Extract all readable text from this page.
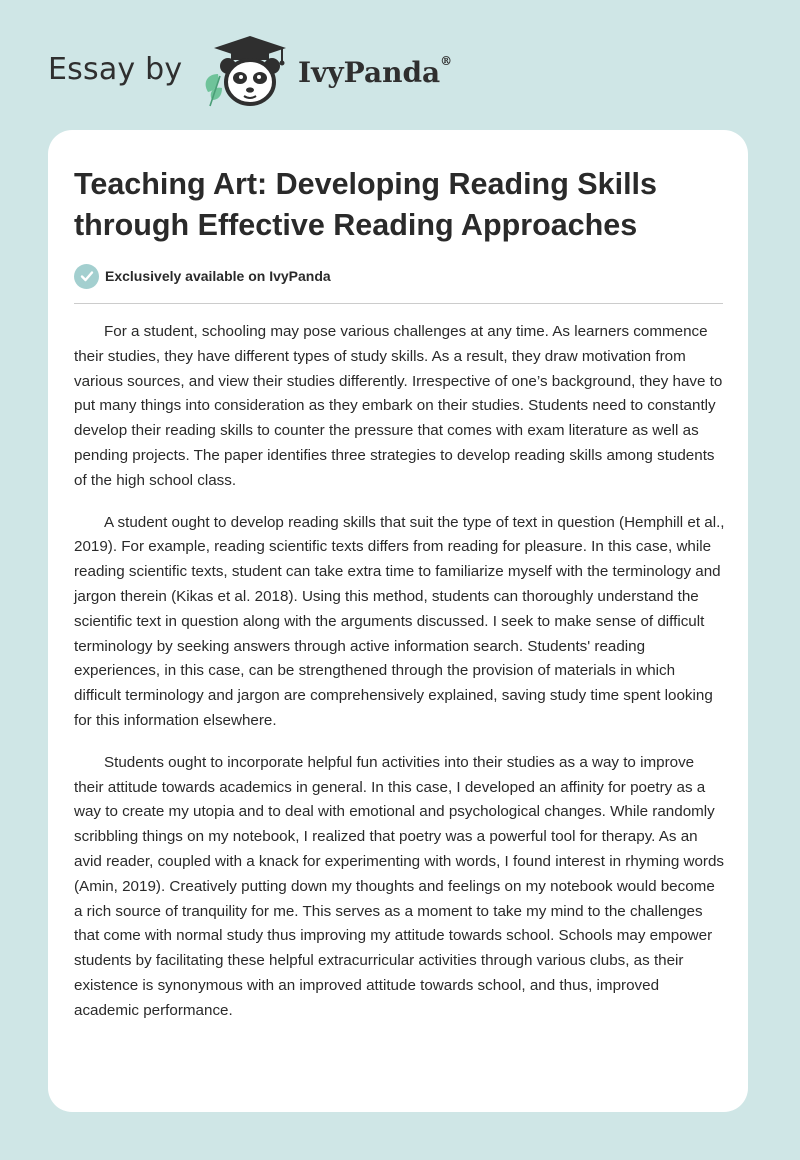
Essay by	IvyPanda®
Teaching Art: Developing Reading Skills through Effective Reading Approaches
Exclusively available on IvyPanda

For a student, schooling may pose various challenges at any time. As learners commence their studies, they have different types of study skills. As a result, they draw motivation from various sources, and view their studies differently. Irrespective of one’s background, they have to put many things into consideration as they embark on their studies. Students need to constantly develop their reading skills to counter the pressure that comes with exam literature as well as pending projects. The paper identifies three strategies to develop reading skills among students of the high school class.

A student ought to develop reading skills that suit the type of text in question (Hemphill et al., 2019). For example, reading scientific texts differs from reading for pleasure. In this case, while reading scientific texts, student can take extra time to familiarize myself with the terminology and jargon therein (Kikas et al. 2018). Using this method, students can thoroughly understand the scientific text in question along with the arguments discussed. I seek to make sense of difficult terminology by seeking answers through active information search. Students' reading experiences, in this case, can be strengthened through the provision of materials in which difficult terminology and jargon are comprehensively explained, saving study time spent looking for this information elsewhere.

Students ought to incorporate helpful fun activities into their studies as a way to improve their attitude towards academics in general. In this case, I developed an affinity for poetry as a way to create my utopia and to deal with emotional and psychological changes. While randomly scribbling things on my notebook, I realized that poetry was a powerful tool for therapy. As an avid reader, coupled with a knack for experimenting with words, I found interest in rhyming words (Amin, 2019). Creatively putting down my thoughts and feelings on my notebook would become a rich source of tranquility for me. This serves as a moment to take my mind to the challenges that come with normal study thus improving my attitude towards school. Schools may empower students by facilitating these helpful extracurricular activities through various clubs, as their existence is synonymous with an improved attitude towards school, and thus, improved academic performance.
